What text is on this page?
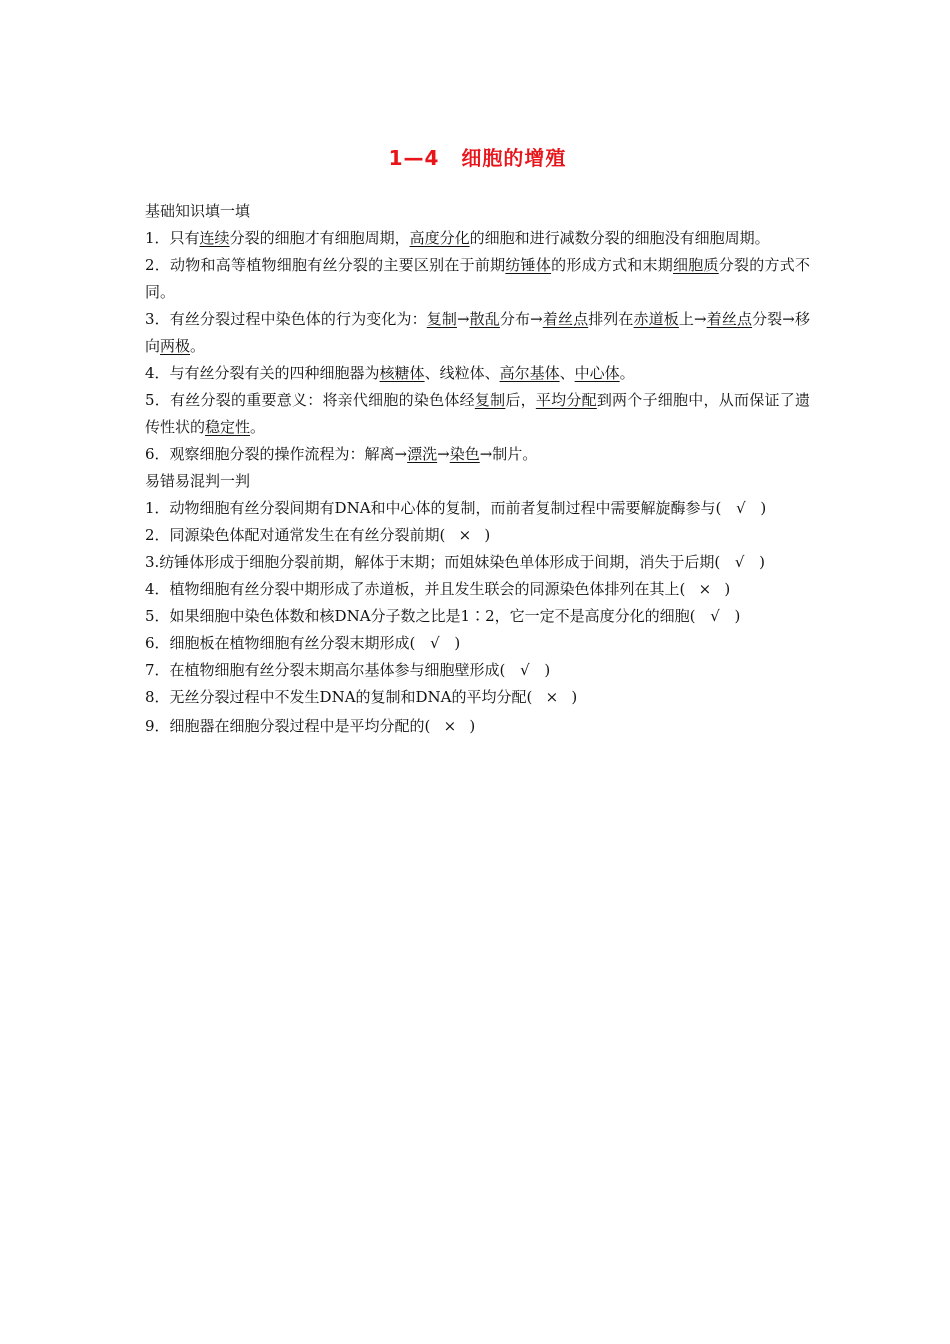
1—4 细胞的增殖
基础知识填一填
1．只有连续分裂的细胞才有细胞周期，高度分化的细胞和进行减数分裂的细胞没有细胞周期。
2．动物和高等植物细胞有丝分裂的主要区别在于前期纺锤体的形成方式和末期细胞质分裂的方式不同。
3．有丝分裂过程中染色体的行为变化为：复制→散乱分布→着丝点排列在赤道板上→着丝点分裂→移向两极。
4．与有丝分裂有关的四种细胞器为核糖体、线粒体、高尔基体、中心体。
5．有丝分裂的重要意义：将亲代细胞的染色体经复制后，平均分配到两个子细胞中，从而保证了遗传性状的稳定性。
6．观察细胞分裂的操作流程为：解离→漂洗→染色→制片。
易错易混判一判
1．动物细胞有丝分裂间期有DNA和中心体的复制，而前者复制过程中需要解旋酶参与(  √  )
2．同源染色体配对通常发生在有丝分裂前期(  ×  )
3.纺锤体形成于细胞分裂前期，解体于末期；而姐妹染色单体形成于间期，消失于后期(  √  )
4．植物细胞有丝分裂中期形成了赤道板，并且发生联会的同源染色体排列在其上(  ×  )
5．如果细胞中染色体数和核DNA分子数之比是1∶2，它一定不是高度分化的细胞(  √  )
6．细胞板在植物细胞有丝分裂末期形成(  √  )
7．在植物细胞有丝分裂末期高尔基体参与细胞壁形成(  √  )
8．无丝分裂过程中不发生DNA的复制和DNA的平均分配(  ×  )
9．细胞器在细胞分裂过程中是平均分配的(  ×  )
